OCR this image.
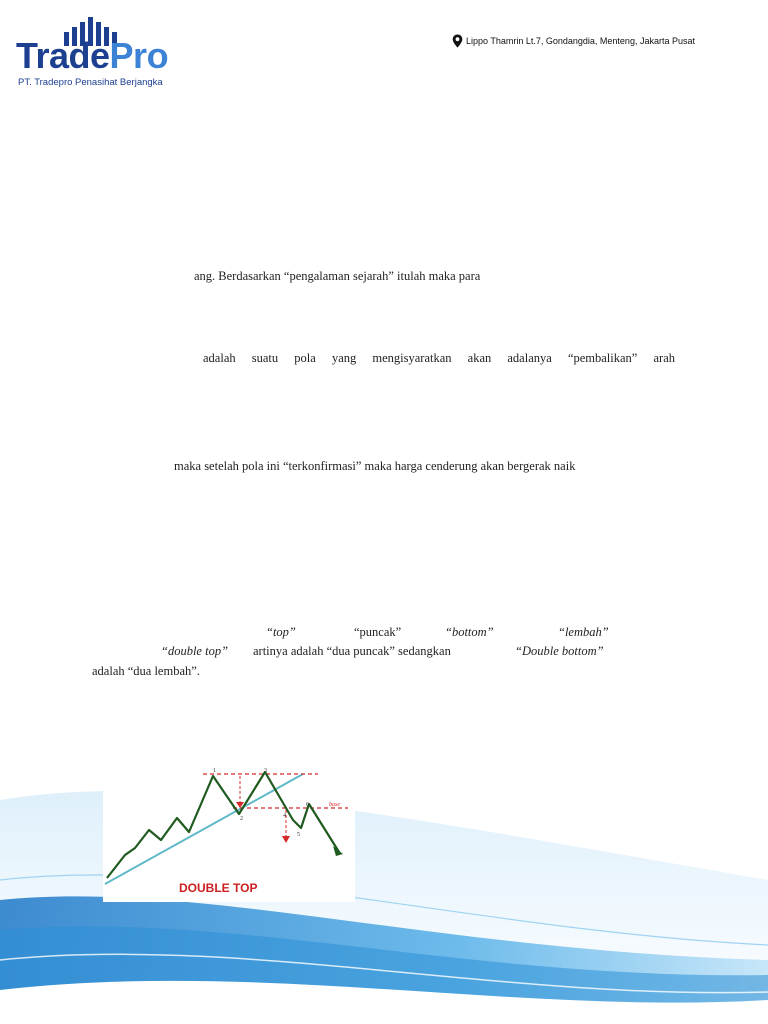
TradePro
PT. Tradepro Penasihat Berjangka
Lippo Thamrin Lt.7, Gondangdia, Menteng, Jakarta Pusat
ang. Berdasarkan “pengalaman sejarah” itulah maka para
adalah suatu pola yang mengisyaratkan akan adalanya “pembalikan” arah
maka setelah pola ini “terkonfirmasi” maka harga cenderung akan bergerak naik
“top”	“puncak”	“bottom”	“lembah”
“double top” artinya adalah “dua puncak” sedangkan	“Double bottom”
adalah “dua lembah”.
1
2
3
4
5
6	base
DOUBLE TOP
